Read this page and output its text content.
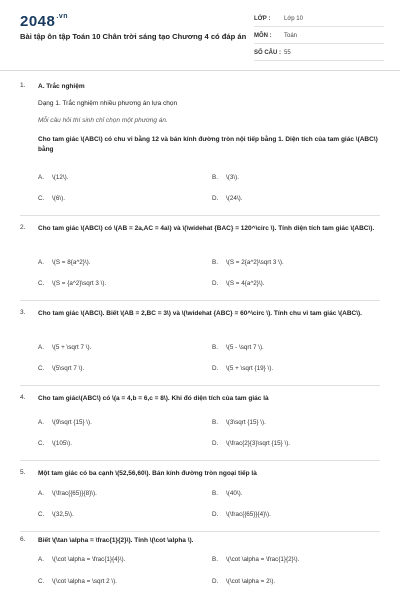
$2048^{.vn}$
Bài tập ôn tập Toán 10 Chân trời sáng tạo Chương 4 có đáp án
LỚP :	Lớp 10
MÔN :	Toán
SỐ CÂU : 55
1. A. Trắc nghiệm
Dạng 1. Trắc nghiệm nhiều phương án lựa chọn
Mỗi câu hỏi thí sinh chỉ chọn một phương án.
Cho tam giác \(ABC\) có chu vi bằng 12 và bán kính đường tròn nội tiếp bằng 1. Diện tích của tam giác \(ABC\) bằng
A. \(12\).	B. \(3\).
C. \(6\).	D. \(24\).
2. Cho tam giác \(ABC\) có \(AB = 2a,AC = 4a\) và \(\widehat {BAC} = 120^\circ \). Tính diện tích tam giác \(ABC\).
A. \(S = 8{a^2}\).	B. \(S = 2{a^2}\sqrt 3 \).
C. \(S = {a^2}\sqrt 3 \).	D. \(S = 4{a^2}\).
3. Cho tam giác \(ABC\). Biết \(AB = 2,BC = 3\) và \(\widehat {ABC} = 60^\circ \). Tính chu vi tam giác \(ABC\).
A. \(5 + \sqrt 7 \).	B. \(5 - \sqrt 7 \).
C. \(5\sqrt 7 \).	D. \(5 + \sqrt {19} \).
4. Cho tam giác\(ABC\) có \(a = 4,b = 6,c = 8\). Khi đó diện tích của tam giác là
A. \(9\sqrt {15} \).	B. \(3\sqrt {15} \).
C. \(105\).	D. \(\frac{2}{3}\sqrt {15} \).
5. Một tam giác có ba cạnh \(52,56,60\). Bán kính đường tròn ngoại tiếp là
A. \(\frac{{65}}{8}\).	B. \(40\).
C. \(32,5\).	D. \(\frac{{65}}{4}\).
6. Biết \(\tan \alpha = \frac{1}{2}\). Tính \(\cot \alpha \).
A. \(\cot \alpha = \frac{1}{4}\).	B. \(\cot \alpha = \frac{1}{2}\).
C. \(\cot \alpha = \sqrt 2 \).	D. \(\cot \alpha = 2\).
